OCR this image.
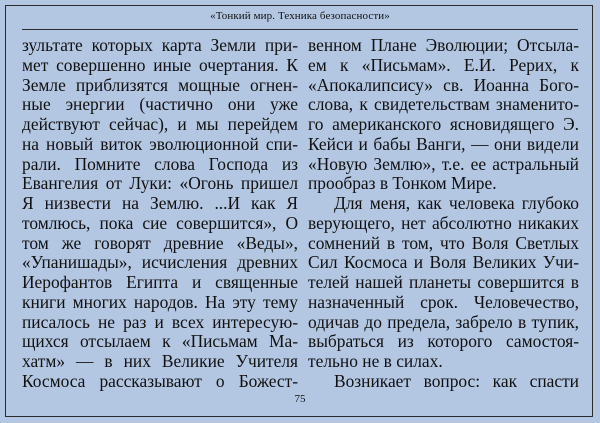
«Тонкий мир. Техника безопасности»
зультате которых карта Земли при-
мет совершенно иные очертания. К
Земле приблизятся мощные огнен-
ные энергии (частично они уже
действуют сейчас), и мы перейдем
на новый виток эволюционной спи-
рали. Помните слова Господа из
Евангелия от Луки: «Огонь пришел
Я низвести на Землю. ...И как Я
томлюсь, пока сие совершится», О
том же говорят древние «Веды»,
«Упанишады», исчисления древних
Иерофантов Египта и священные
книги многих народов. На эту тему
писалось не раз и всех интересую-
щихся отсылаем к «Письмам Ма-
хатм» — в них Великие Учителя
Космоса рассказывают о Божест-
венном Плане Эволюции; Отсылa-
ем к «Письмам». Е.И. Рерих, к
«Апокалипсису» св. Иоанна Бого-
слова, к свидетельствам знаменито-
го американского ясновидящего Э.
Кейси и бабы Ванги, — они видели
«Новую Землю», т.е. ее астральный
прообраз в Тонком Мире.
Для меня, как человека глубоко
верующего, нет абсолютно никаких
сомнений в том, что Воля Светлых
Сил Космоса и Воля Великих Учи-
телей нашей планеты совершится в
назначенный срок. Человечество,
одичав до предела, забрело в тупик,
выбраться из которого самостоя-
тельно не в силах.
Возникает вопрос: как спасти
75
